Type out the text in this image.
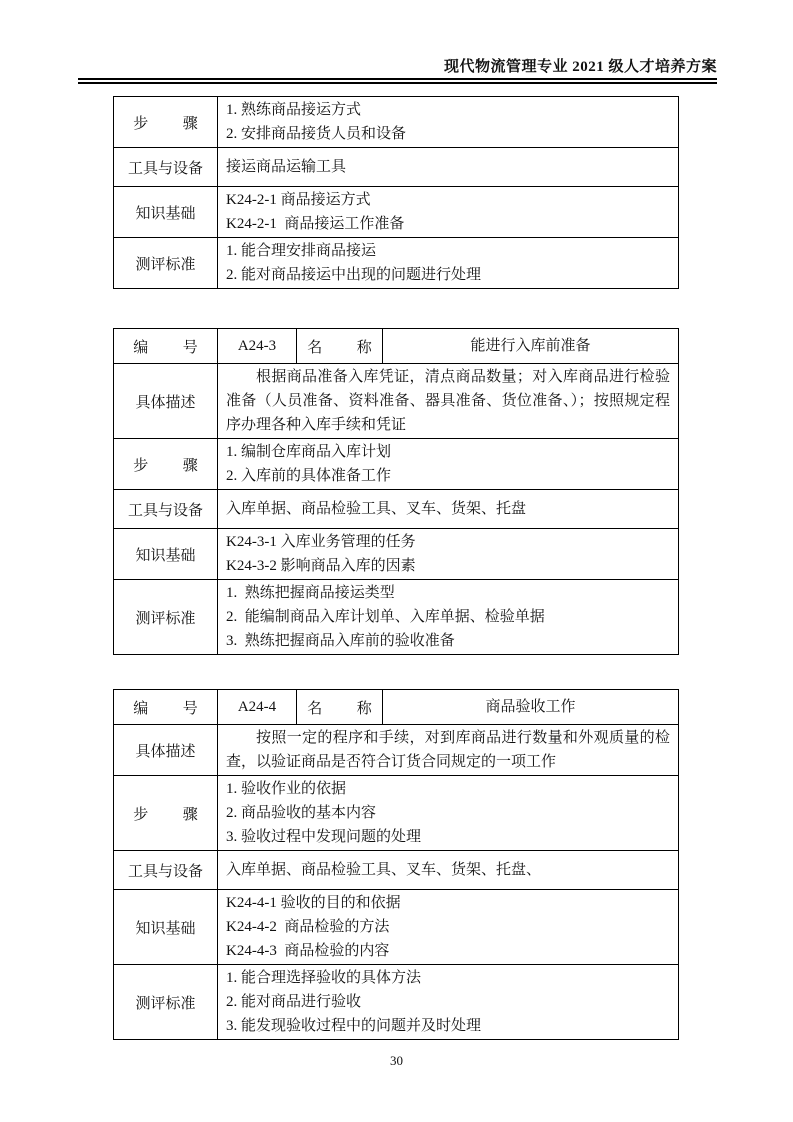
现代物流管理专业 2021 级人才培养方案
步骤	1. 熟练商品接运方式
2. 安排商品接货人员和设备

工具与设备	接运商品运输工具

知识基础	K24-2-1 商品接运方式
K24-2-1  商品接运工作准备

测评标准	1. 能合理安排商品接运
2. 能对商品接运中出现的问题进行处理
编号	A24-3	名称	能进行入库前准备

具体描述	根据商品准备入库凭证，清点商品数量；对入库商品进行检验准备（人员准备、资料准备、器具准备、货位准备、）；按照规定程序办理各种入库手续和凭证		

步骤	1. 编制仓库商品入库计划
2. 入库前的具体准备工作		

工具与设备	入库单据、商品检验工具、叉车、货架、托盘		

知识基础	K24-3-1 入库业务管理的任务
K24-3-2 影响商品入库的因素		

测评标准	1.  熟练把握商品接运类型
2.  能编制商品入库计划单、入库单据、检验单据
3.  熟练把握商品入库前的验收准备		
编号	A24-4	名称	商品验收工作

具体描述	按照一定的程序和手续，对到库商品进行数量和外观质量的检查，以验证商品是否符合订货合同规定的一项工作		

步骤	1. 验收作业的依据
2. 商品验收的基本内容
3. 验收过程中发现问题的处理		

工具与设备	入库单据、商品检验工具、叉车、货架、托盘、		

知识基础	K24-4-1 验收的目的和依据
K24-4-2  商品检验的方法
K24-4-3  商品检验的内容		

测评标准	1. 能合理选择验收的具体方法
2. 能对商品进行验收
3. 能发现验收过程中的问题并及时处理		
30
